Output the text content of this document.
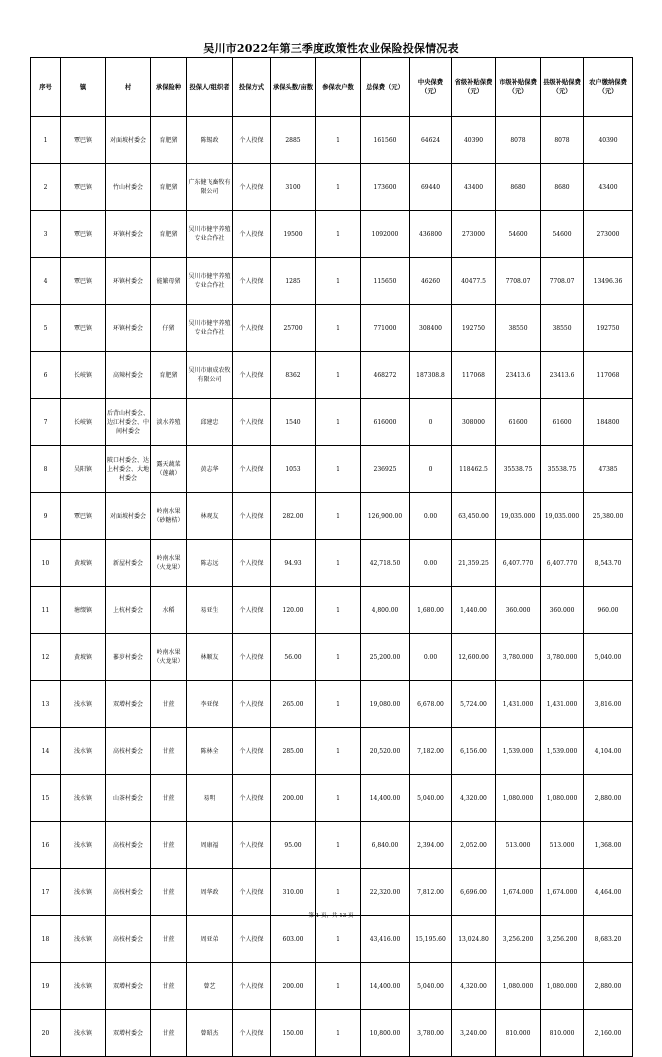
吴川市2022年第三季度政策性农业保险投保情况表
序号	镇	村	承保险种	投保人/组织者	投保方式	承保头数/亩数	参保农户数	总保费（元）	中央保费（元）	省级补贴保费（元）	市级补贴保费（元）	县级补贴保费（元）	农户缴纳保费（元）
1	覃巴镇	对面坡村委会	育肥猪	陈锡政	个人投保	2885	1	161560	64624	40390	8078	8078	40390
2	覃巴镇	竹山村委会	育肥猪	广东健飞畜牧有限公司	个人投保	3100	1	173600	69440	43400	8680	8680	43400
3	覃巴镇	环镇村委会	育肥猪	吴川市健宇养殖专业合作社	个人投保	19500	1	1092000	436800	273000	54600	54600	273000
4	覃巴镇	环镇村委会	能繁母猪	吴川市健宇养殖专业合作社	个人投保	1285	1	115650	46260	40477.5	7708.07	7708.07	13496.36
5	覃巴镇	环镇村委会	仔猪	吴川市健宇养殖专业合作社	个人投保	25700	1	771000	308400	192750	38550	38550	192750
6	长岐镇	高辣村委会	育肥猪	吴川市康成农牧有限公司	个人投保	8362	1	468272	187308.8	117068	23413.6	23413.6	117068
7	长岐镇	后背山村委会、边江村委会、中间村委会	淡水养殖	邱建忠	个人投保	1540	1	616000	0	308000	61600	61600	184800
8	吴阳镇	陂口村委会、达上村委会、大地村委会	露天蔬菜（莲藕）	黄志华	个人投保	1053	1	236925	0	118462.5	35538.75	35538.75	47385
9	覃巴镇	对面坡村委会	岭南水果（砂糖桔）	林观友	个人投保	282.00	1	126,900.00	0.00	63,450.00	19,035.000	19,035.000	25,380.00
10	黄坡镇	新屋村委会	岭南水果（火龙果）	陈志远	个人投保	94.93	1	42,718.50	0.00	21,359.25	6,407.770	6,407.770	8,543.70
11	塘缀镇	上杭村委会	水稻	易亚生	个人投保	120.00	1	4,800.00	1,680.00	1,440.00	360.000	360.000	960.00
12	黄坡镇	嵾岁村委会	岭南水果（火龙果）	林顺友	个人投保	56.00	1	25,200.00	0.00	12,600.00	3,780.000	3,780.000	5,040.00
13	浅水镇	双增村委会	甘蔗	李亚保	个人投保	265.00	1	19,080.00	6,678.00	5,724.00	1,431.000	1,431.000	3,816.00
14	浅水镇	高枝村委会	甘蔗	陈林全	个人投保	285.00	1	20,520.00	7,182.00	6,156.00	1,539.000	1,539.000	4,104.00
15	浅水镇	山茶村委会	甘蔗	易明	个人投保	200.00	1	14,400.00	5,040.00	4,320.00	1,080.000	1,080.000	2,880.00
16	浅水镇	高枝村委会	甘蔗	周康福	个人投保	95.00	1	6,840.00	2,394.00	2,052.00	513.000	513.000	1,368.00
17	浅水镇	高枝村委会	甘蔗	周华政	个人投保	310.00	1	22,320.00	7,812.00	6,696.00	1,674.000	1,674.000	4,464.00
18	浅水镇	高枝村委会	甘蔗	周亚弟	个人投保	603.00	1	43,416.00	15,195.60	13,024.80	3,256.200	3,256.200	8,683.20
19	浅水镇	双增村委会	甘蔗	曾艺	个人投保	200.00	1	14,400.00	5,040.00	4,320.00	1,080.000	1,080.000	2,880.00
20	浅水镇	双增村委会	甘蔗	曾昭杰	个人投保	150.00	1	10,800.00	3,780.00	3,240.00	810.000	810.000	2,160.00
第 1 页，共 13 页
